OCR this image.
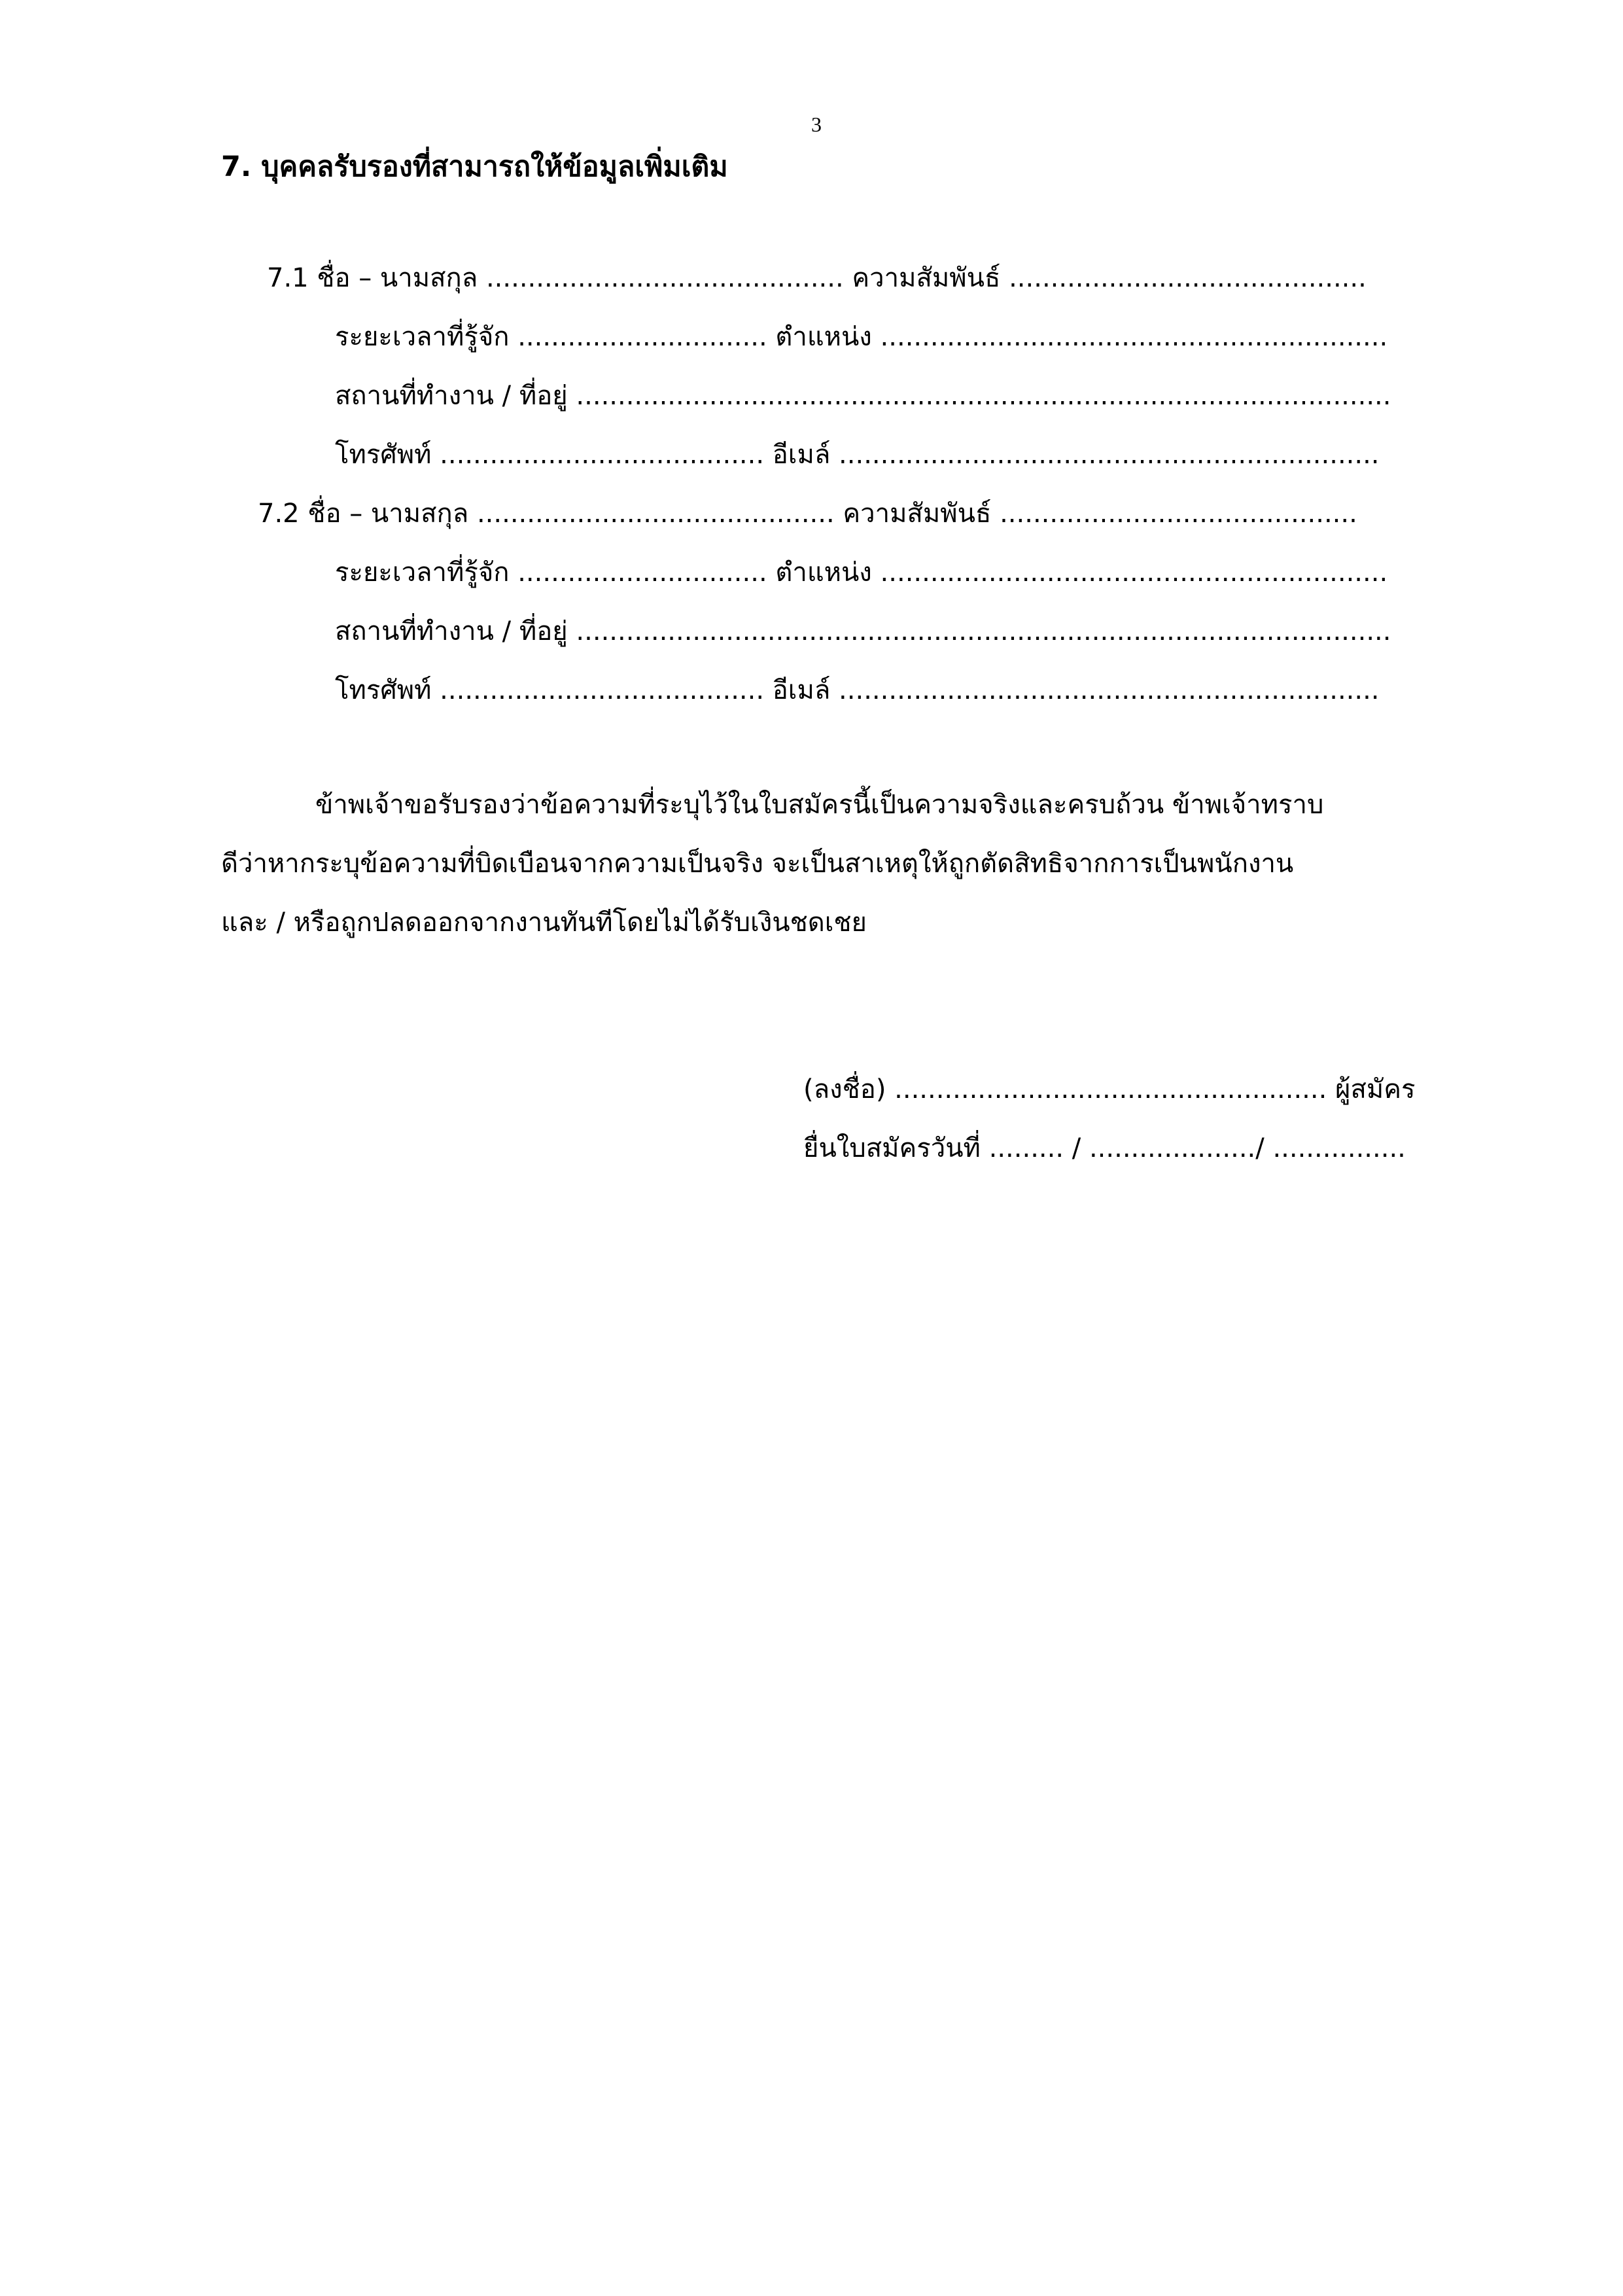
3
7. บุคคลรับรองที่สามารถให้ข้อมูลเพิ่มเติม
7.1 ชื่อ – นามสกุล ........................................... ความสัมพันธ์ ...........................................
ระยะเวลาที่รู้จัก .............................. ตำแหน่ง .............................................................
สถานที่ทำงาน / ที่อยู่ ..................................................................................................
โทรศัพท์ ....................................... อีเมล์ .................................................................
7.2 ชื่อ – นามสกุล ........................................... ความสัมพันธ์ ...........................................
ระยะเวลาที่รู้จัก .............................. ตำแหน่ง .............................................................
สถานที่ทำงาน / ที่อยู่ ..................................................................................................
โทรศัพท์ ....................................... อีเมล์ .................................................................
ข้าพเจ้าขอรับรองว่าข้อความที่ระบุไว้ในใบสมัครนี้เป็นความจริงและครบถ้วน ข้าพเจ้าทราบ
ดีว่าหากระบุข้อความที่บิดเบือนจากความเป็นจริง จะเป็นสาเหตุให้ถูกตัดสิทธิจากการเป็นพนักงาน
และ / หรือถูกปลดออกจากงานทันทีโดยไม่ได้รับเงินชดเชย
(ลงชื่อ) .................................................... ผู้สมัคร
ยื่นใบสมัครวันที่ ......... / ..................../ ................
